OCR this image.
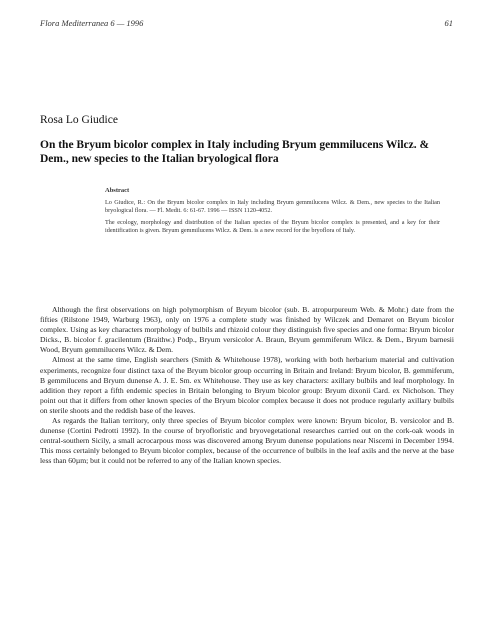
Flora Mediterranea 6 — 1996	61
Rosa Lo Giudice
On the Bryum bicolor complex in Italy including Bryum gemmilucens Wilcz. & Dem., new species to the Italian bryological flora
Abstract

Lo Giudice, R.: On the Bryum bicolor complex in Italy including Bryum gemmilucens Wilcz. & Dem., new species to the Italian bryological flora. — Fl. Medit. 6: 61-67. 1996 — ISSN 1120-4052.

The ecology, morphology and distribution of the Italian species of the Bryum bicolor complex is presented, and a key for their identification is given. Bryum gemmilucens Wilcz. & Dem. is a new record for the bryoflora of Italy.

Although the first observations on high polymorphism of Bryum bicolor (sub. B. atropurpureum Web. & Mohr.) date from the fifties (Rilstone 1949, Warburg 1963), only on 1976 a complete study was finished by Wilczek and Demaret on Bryum bicolor complex. Using as key characters morphology of bulbils and rhizoid colour they distinguish five species and one forma: Bryum bicolor Dicks., B. bicolor f. gracilentum (Braithw.) Podp., Bryum versicolor A. Braun, Bryum gemmiferum Wilcz. & Dem., Bryum barnesii Wood, Bryum gemmilucens Wilcz. & Dem.

Almost at the same time, English searchers (Smith & Whitehouse 1978), working with both herbarium material and cultivation experiments, recognize four distinct taxa of the Bryum bicolor group occurring in Britain and Ireland: Bryum bicolor, B. gemmiferum, B gemmilucens and Bryum dunense A. J. E. Sm. ex Whitehouse. They use as key characters: axillary bulbils and leaf morphology. In addition they report a fifth endemic species in Britain belonging to Bryum bicolor group: Bryum dixonii Card. ex Nicholson. They point out that it differs from other known species of the Bryum bicolor complex because it does not produce regularly axillary bulbils on sterile shoots and the reddish base of the leaves.

As regards the Italian territory, only three species of Bryum bicolor complex were known: Bryum bicolor, B. versicolor and B. dunense (Cortini Pedrotti 1992). In the course of bryofloristic and bryovegetational researches carried out on the cork-oak woods in central-southern Sicily, a small acrocarpous moss was discovered among Bryum dunense populations near Niscemi in December 1994. This moss certainly belonged to Bryum bicolor complex, because of the occurrence of bulbils in the leaf axils and the nerve at the base less than 60µm; but it could not be referred to any of the Italian known species.
